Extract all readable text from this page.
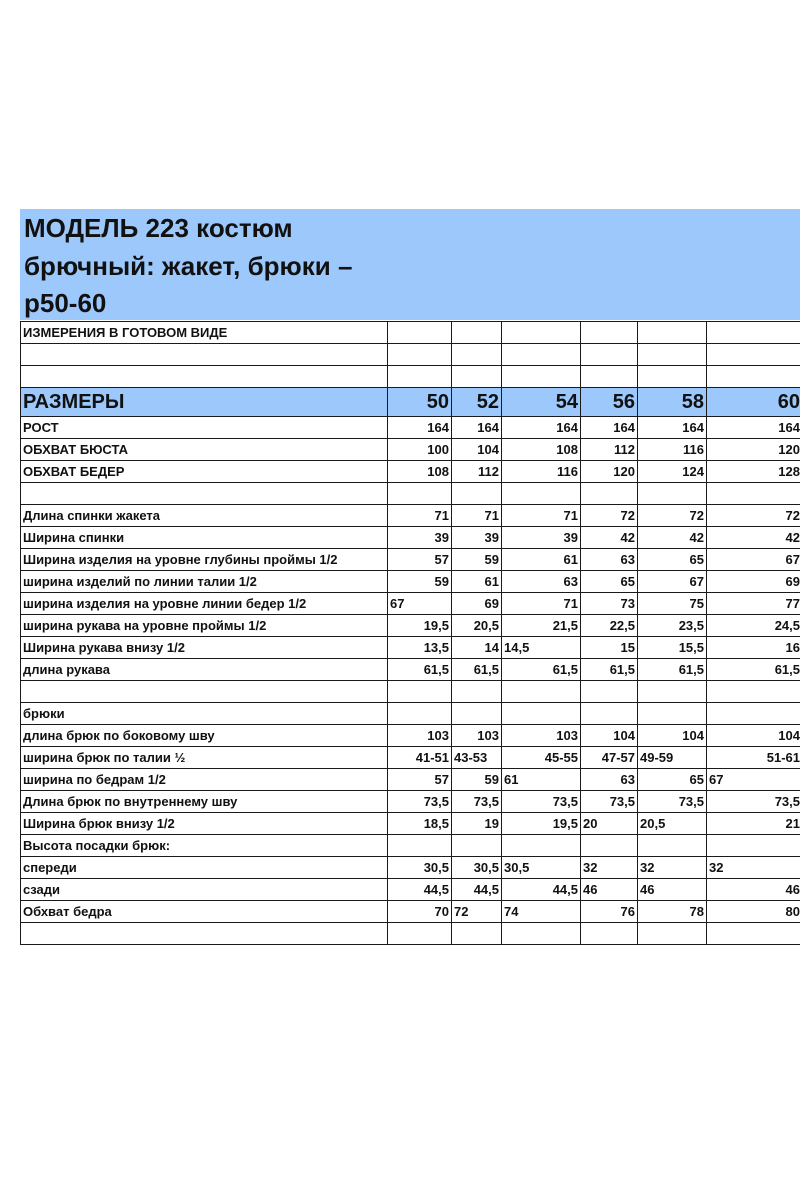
МОДЕЛЬ 223 костюм
брючный: жакет, брюки –
р50-60
ИЗМЕРЕНИЯ В ГОТОВОМ ВИДЕ						

РАЗМЕРЫ	50	52	54	56	58	60
РОСТ	164	164	164	164	164	164
ОБХВАТ БЮСТА	100	104	108	112	116	120
ОБХВАТ БЕДЕР	108	112	116	120	124	128

Длина спинки жакета	71	71	71	72	72	72
Ширина спинки	39	39	39	42	42	42
Ширина изделия на уровне глубины проймы 1/2	57	59	61	63	65	67
ширина изделий по линии талии 1/2	59	61	63	65	67	69
ширина изделия на уровне линии бедер 1/2	67	69	71	73	75	77
ширина рукава на уровне проймы 1/2	19,5	20,5	21,5	22,5	23,5	24,5
Ширина рукава внизу 1/2	13,5	14	14,5	15	15,5	16
длина рукава	61,5	61,5	61,5	61,5	61,5	61,5

брюки						
длина брюк по боковому шву	103	103	103	104	104	104
ширина брюк по талии ½	41-51	43-53	45-55	47-57	49-59	51-61
ширина по бедрам 1/2	57	59	61	63	65	67
Длина брюк по внутреннему шву	73,5	73,5	73,5	73,5	73,5	73,5
Ширина брюк внизу 1/2	18,5	19	19,5	20	20,5	21
Высота посадки брюк:						
спереди	30,5	30,5	30,5	32	32	32
сзади	44,5	44,5	44,5	46	46	46
Обхват бедра	70	72	74	76	78	80
